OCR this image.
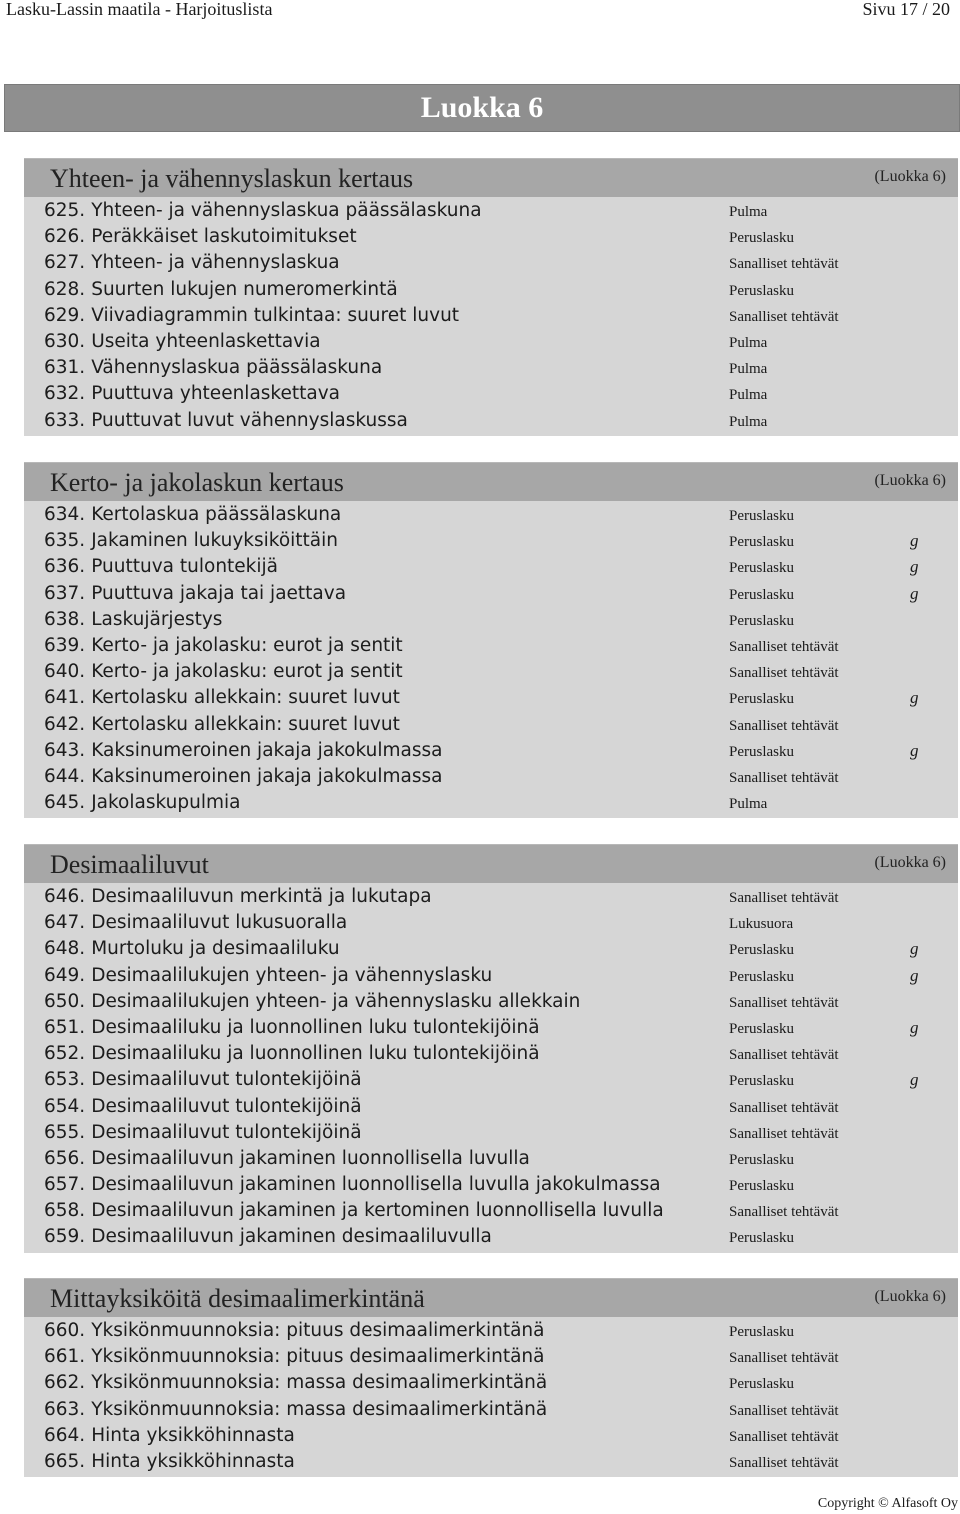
Lasku-Lassin maatila - Harjoituslista	Sivu 17 / 20
Luokka 6
Yhteen- ja vähennyslaskun kertaus	(Luokka 6)
625. Yhteen- ja vähennyslaskua päässälaskuna	Pulma
626. Peräkkäiset laskutoimitukset	Peruslasku
627. Yhteen- ja vähennyslaskua	Sanalliset tehtävät
628. Suurten lukujen numeromerkintä	Peruslasku
629. Viivadiagrammin tulkintaa: suuret luvut	Sanalliset tehtävät
630. Useita yhteenlaskettavia	Pulma
631. Vähennyslaskua päässälaskuna	Pulma
632. Puuttuva yhteenlaskettava	Pulma
633. Puuttuvat luvut vähennyslaskussa	Pulma
Kerto- ja jakolaskun kertaus	(Luokka 6)
634. Kertolaskua päässälaskuna	Peruslasku
635. Jakaminen lukuyksiköittäin	Peruslasku	g
636. Puuttuva tulontekijä	Peruslasku	g
637. Puuttuva jakaja tai jaettava	Peruslasku	g
638. Laskujärjestys	Peruslasku
639. Kerto- ja jakolasku: eurot ja sentit	Sanalliset tehtävät
640. Kerto- ja jakolasku: eurot ja sentit	Sanalliset tehtävät
641. Kertolasku allekkain: suuret luvut	Peruslasku	g
642. Kertolasku allekkain: suuret luvut	Sanalliset tehtävät
643. Kaksinumeroinen jakaja jakokulmassa	Peruslasku	g
644. Kaksinumeroinen jakaja jakokulmassa	Sanalliset tehtävät
645. Jakolaskupulmia	Pulma
Desimaaliluvut	(Luokka 6)
646. Desimaaliluvun merkintä ja lukutapa	Sanalliset tehtävät
647. Desimaaliluvut lukusuoralla	Lukusuora
648. Murtoluku ja desimaaliluku	Peruslasku	g
649. Desimaalilukujen yhteen- ja vähennyslasku	Peruslasku	g
650. Desimaalilukujen yhteen- ja vähennyslasku allekkain	Sanalliset tehtävät
651. Desimaaliluku ja luonnollinen luku tulontekijöinä	Peruslasku	g
652. Desimaaliluku ja luonnollinen luku tulontekijöinä	Sanalliset tehtävät
653. Desimaaliluvut tulontekijöinä	Peruslasku	g
654. Desimaaliluvut tulontekijöinä	Sanalliset tehtävät
655. Desimaaliluvut tulontekijöinä	Sanalliset tehtävät
656. Desimaaliluvun jakaminen luonnollisella luvulla	Peruslasku
657. Desimaaliluvun jakaminen luonnollisella luvulla jakokulmassa	Peruslasku
658. Desimaaliluvun jakaminen ja kertominen luonnollisella luvulla	Sanalliset tehtävät
659. Desimaaliluvun jakaminen desimaaliluvulla	Peruslasku
Mittayksiköitä desimaalimerkintänä	(Luokka 6)
660. Yksikönmuunnoksia: pituus desimaalimerkintänä	Peruslasku
661. Yksikönmuunnoksia: pituus desimaalimerkintänä	Sanalliset tehtävät
662. Yksikönmuunnoksia: massa desimaalimerkintänä	Peruslasku
663. Yksikönmuunnoksia: massa desimaalimerkintänä	Sanalliset tehtävät
664. Hinta yksikköhinnasta	Sanalliset tehtävät
665. Hinta yksikköhinnasta	Sanalliset tehtävät
Copyright © Alfasoft Oy
